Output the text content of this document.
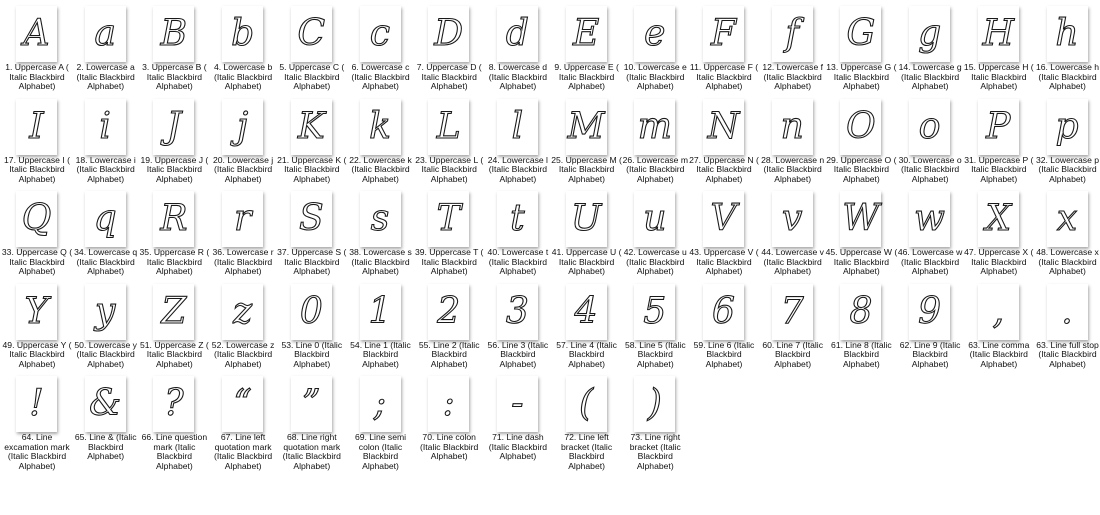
A
1. Uppercase A ( Italic Blackbird Alphabet)
a
2. Lowercase a (Italic Blackbird Alphabet)
B
3. Uppercase B ( Italic Blackbird Alphabet)
b
4. Lowercase b (Italic Blackbird Alphabet)
C
5. Uppercase C ( Italic Blackbird Alphabet)
c
6. Lowercase c (Italic Blackbird Alphabet)
D
7. Uppercase D ( Italic Blackbird Alphabet)
d
8. Lowercase d (Italic Blackbird Alphabet)
E
9. Uppercase E ( Italic Blackbird Alphabet)
e
10. Lowercase e (Italic Blackbird Alphabet)
F
11. Uppercase F ( Italic Blackbird Alphabet)
f
12. Lowercase f (Italic Blackbird Alphabet)
G
13. Uppercase G ( Italic Blackbird Alphabet)
g
14. Lowercase g (Italic Blackbird Alphabet)
H
15. Uppercase H ( Italic Blackbird Alphabet)
h
16. Lowercase h (Italic Blackbird Alphabet)
I
17. Uppercase I ( Italic Blackbird Alphabet)
i
18. Lowercase i (Italic Blackbird Alphabet)
J
19. Uppercase J ( Italic Blackbird Alphabet)
j
20. Lowercase j (Italic Blackbird Alphabet)
K
21. Uppercase K ( Italic Blackbird Alphabet)
k
22. Lowercase k (Italic Blackbird Alphabet)
L
23. Uppercase L ( Italic Blackbird Alphabet)
l
24. Lowercase l (Italic Blackbird Alphabet)
M
25. Uppercase M ( Italic Blackbird Alphabet)
m
26. Lowercase m (Italic Blackbird Alphabet)
N
27. Uppercase N ( Italic Blackbird Alphabet)
n
28. Lowercase n (Italic Blackbird Alphabet)
O
29. Uppercase O ( Italic Blackbird Alphabet)
o
30. Lowercase o (Italic Blackbird Alphabet)
P
31. Uppercase P ( Italic Blackbird Alphabet)
p
32. Lowercase p (Italic Blackbird Alphabet)
Q
33. Uppercase Q ( Italic Blackbird Alphabet)
q
34. Lowercase q (Italic Blackbird Alphabet)
R
35. Uppercase R ( Italic Blackbird Alphabet)
r
36. Lowercase r (Italic Blackbird Alphabet)
S
37. Uppercase S ( Italic Blackbird Alphabet)
s
38. Lowercase s (Italic Blackbird Alphabet)
T
39. Uppercase T ( Italic Blackbird Alphabet)
t
40. Lowercase t (Italic Blackbird Alphabet)
U
41. Uppercase U ( Italic Blackbird Alphabet)
u
42. Lowercase u (Italic Blackbird Alphabet)
V
43. Uppercase V ( Italic Blackbird Alphabet)
v
44. Lowercase v (Italic Blackbird Alphabet)
W
45. Uppercase W ( Italic Blackbird Alphabet)
w
46. Lowercase w (Italic Blackbird Alphabet)
X
47. Uppercase X ( Italic Blackbird Alphabet)
x
48. Lowercase x (Italic Blackbird Alphabet)
Y
49. Uppercase Y ( Italic Blackbird Alphabet)
y
50. Lowercase y (Italic Blackbird Alphabet)
Z
51. Uppercase Z ( Italic Blackbird Alphabet)
z
52. Lowercase z (Italic Blackbird Alphabet)
0
53. Line 0 (Italic Blackbird Alphabet)
1
54. Line 1 (Italic Blackbird Alphabet)
2
55. Line 2 (Italic Blackbird Alphabet)
3
56. Line 3 (Italic Blackbird Alphabet)
4
57. Line 4 (Italic Blackbird Alphabet)
5
58. Line 5 (Italic Blackbird Alphabet)
6
59. Line 6 (Italic Blackbird Alphabet)
7
60. Line 7 (Italic Blackbird Alphabet)
8
61. Line 8 (Italic Blackbird Alphabet)
9
62. Line 9 (Italic Blackbird Alphabet)
,
63. Line comma (Italic Blackbird Alphabet)
.
63. Line full stop (Italic Blackbird Alphabet)
!
64. Line excamation mark (Italic Blackbird Alphabet)
&
65. Line & (Italic Blackbird Alphabet)
?
66. Line question mark (Italic Blackbird Alphabet)
“
67. Line left quotation mark (Italic Blackbird Alphabet)
”
68. Line right quotation mark (Italic Blackbird Alphabet)
;
69. Line semi colon (Italic Blackbird Alphabet)
:
70. Line colon (Italic Blackbird Alphabet)
-
71. Line dash (Italic Blackbird Alphabet)
(
72. Line left bracket (Italic Blackbird Alphabet)
)
73. Line right bracket (Italic Blackbird Alphabet)
